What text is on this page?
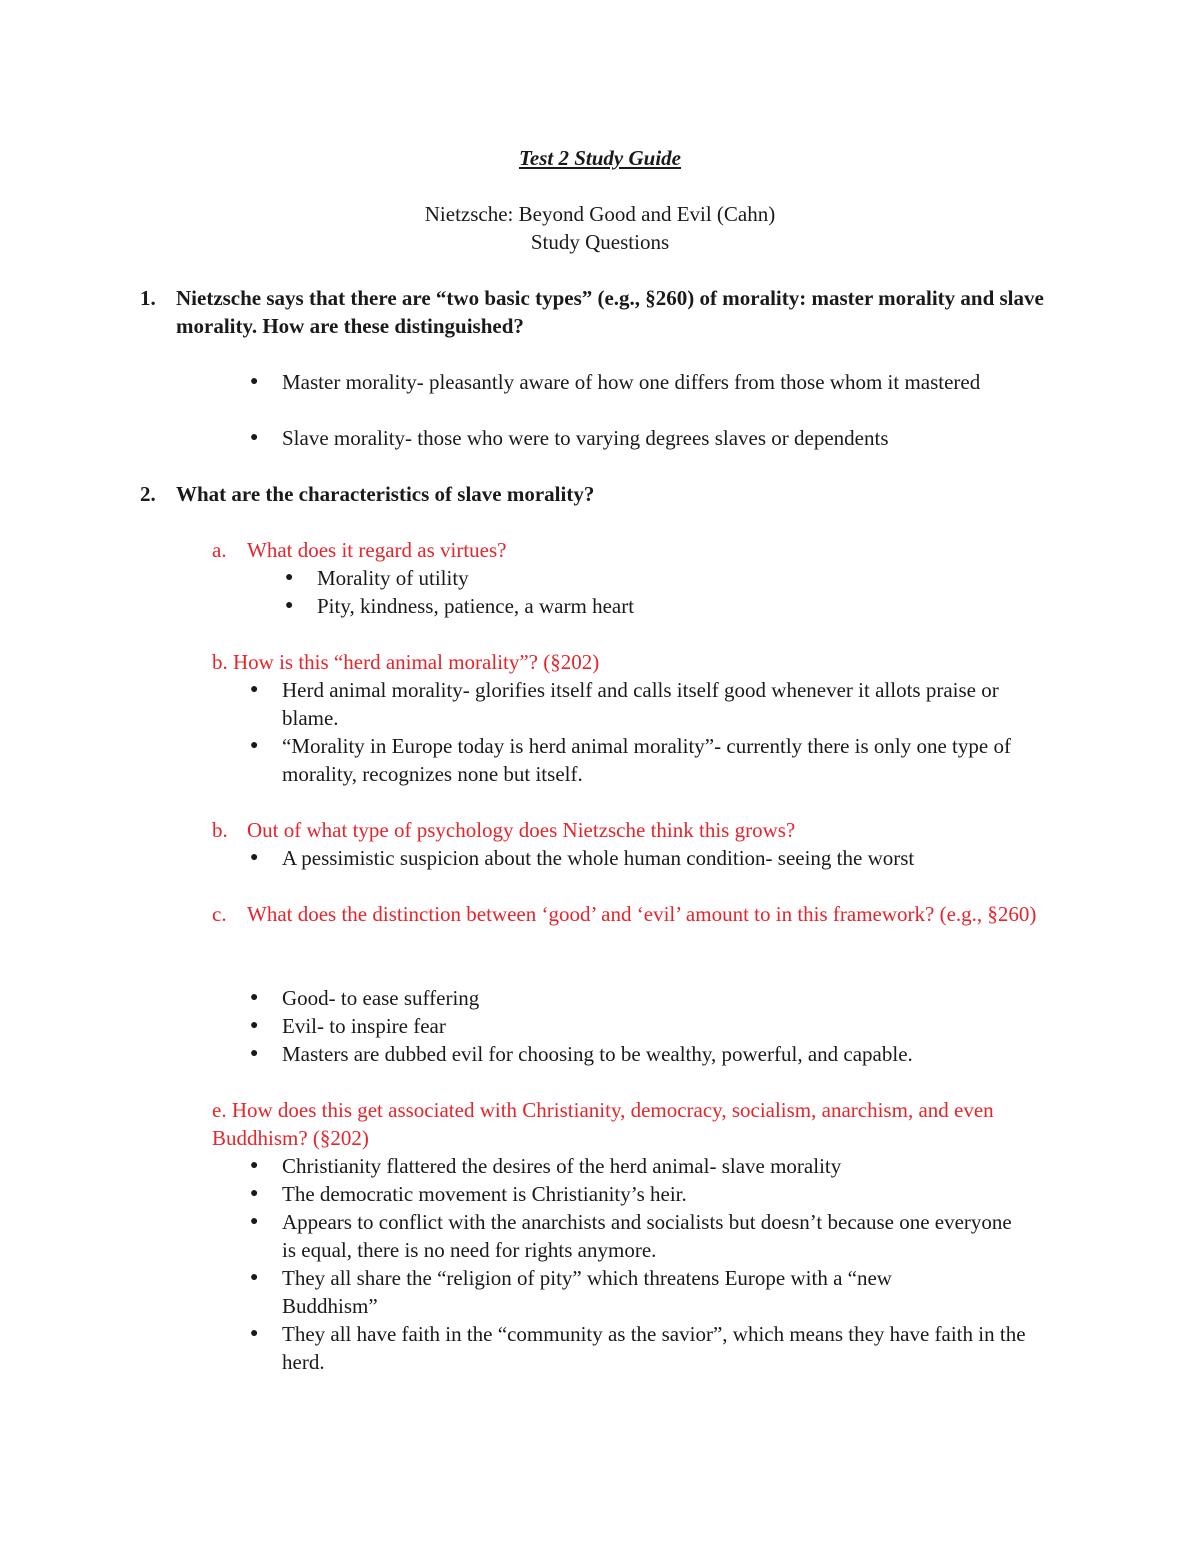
Test 2 Study Guide
Nietzsche: Beyond Good and Evil (Cahn)
Study Questions
1. Nietzsche says that there are “two basic types” (e.g., §260) of morality: master morality and slave morality. How are these distinguished?
● Master morality- pleasantly aware of how one differs from those whom it mastered
● Slave morality- those who were to varying degrees slaves or dependents
2. What are the characteristics of slave morality?
a. What does it regard as virtues?
● Morality of utility
● Pity, kindness, patience, a warm heart
b. How is this “herd animal morality”? (§202)
● Herd animal morality- glorifies itself and calls itself good whenever it allots praise or blame.
● “Morality in Europe today is herd animal morality”- currently there is only one type of morality, recognizes none but itself.
b. Out of what type of psychology does Nietzsche think this grows?
● A pessimistic suspicion about the whole human condition- seeing the worst
c. What does the distinction between ‘good’ and ‘evil’ amount to in this framework? (e.g., §260)
● Good- to ease suffering
● Evil- to inspire fear
● Masters are dubbed evil for choosing to be wealthy, powerful, and capable.
e. How does this get associated with Christianity, democracy, socialism, anarchism, and even Buddhism? (§202)
● Christianity flattered the desires of the herd animal- slave morality
● The democratic movement is Christianity’s heir.
● Appears to conflict with the anarchists and socialists but doesn’t because one everyone is equal, there is no need for rights anymore.
● They all share the “religion of pity” which threatens Europe with a “new Buddhism”
● They all have faith in the “community as the savior”, which means they have faith in the herd.
